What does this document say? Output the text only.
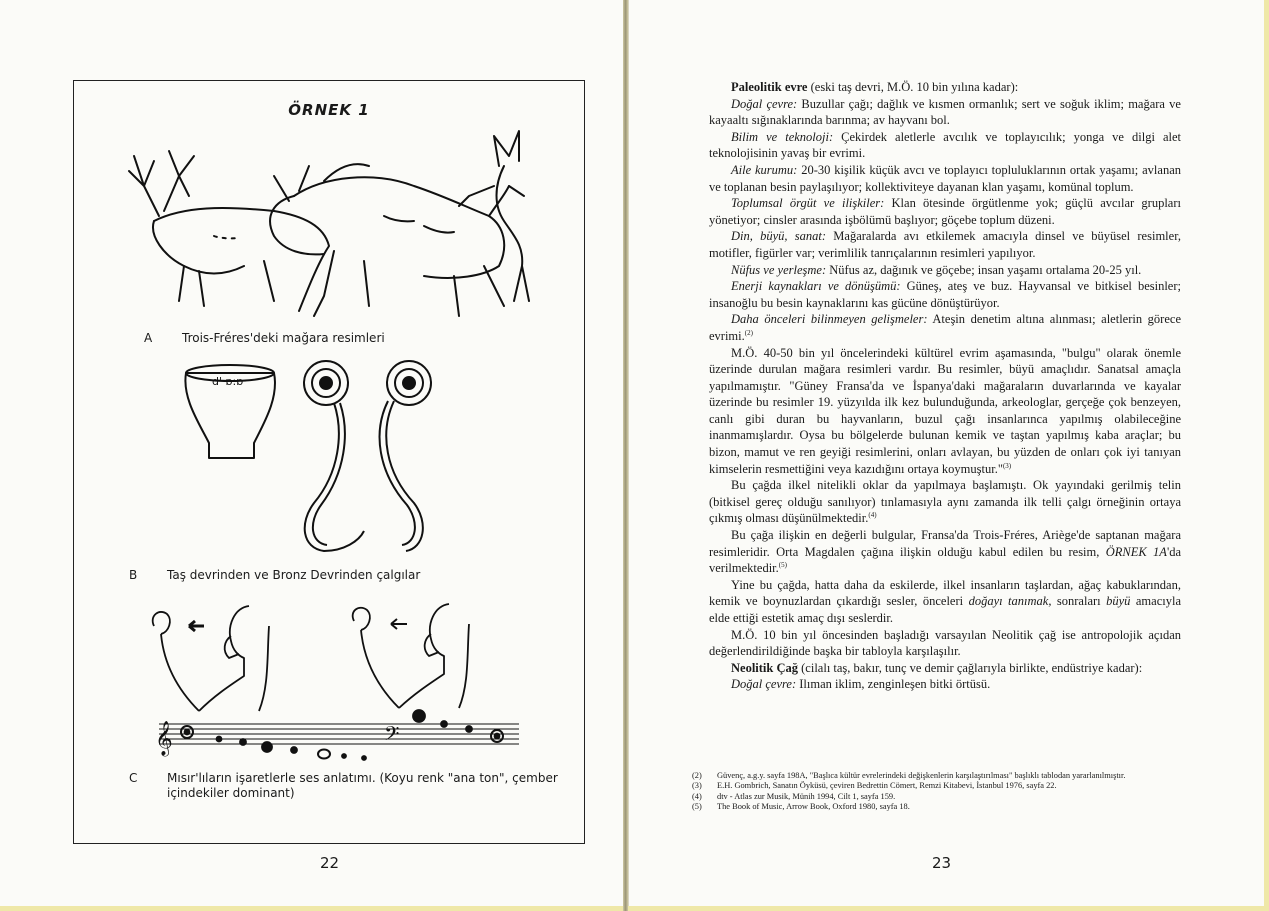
ÖRNEK 1
A Trois-Fréres'deki mağara resimleri
d' ɒ:ɒ
B Taş devrinden ve Bronz Devrinden çalgılar
𝄞	𝄢
C Mısır'lıların işaretlerle ses anlatımı. (Koyu renk "ana ton", çember içindekiler dominant)
22

Paleolitik evre (eski taş devri, M.Ö. 10 bin yılına kadar):

Doğal çevre: Buzullar çağı; dağlık ve kısmen ormanlık; sert ve soğuk iklim; mağara ve kayaaltı sığınaklarında barınma; av hayvanı bol.

Bilim ve teknoloji: Çekirdek aletlerle avcılık ve toplayıcılık; yonga ve dilgi alet teknolojisinin yavaş bir evrimi.

Aile kurumu: 20-30 kişilik küçük avcı ve toplayıcı topluluklarının ortak yaşamı; avlanan ve toplanan besin paylaşılıyor; kollektiviteye dayanan klan yaşamı, komünal toplum.

Toplumsal örgüt ve ilişkiler: Klan ötesinde örgütlenme yok; güçlü avcılar grupları yönetiyor; cinsler arasında işbölümü başlıyor; göçebe toplum düzeni.

Din, büyü, sanat: Mağaralarda avı etkilemek amacıyla dinsel ve büyüsel resimler, motifler, figürler var; verimlilik tanrıçalarının resimleri yapılıyor.

Nüfus ve yerleşme: Nüfus az, dağınık ve göçebe; insan yaşamı ortalama 20-25 yıl.

Enerji kaynakları ve dönüşümü: Güneş, ateş ve buz. Hayvansal ve bitkisel besinler; insanoğlu bu besin kaynaklarını kas gücüne dönüştürüyor.

Daha önceleri bilinmeyen gelişmeler: Ateşin denetim altına alınması; aletlerin görece evrimi.$^{(2)}$

M.Ö. 40-50 bin yıl öncelerindeki kültürel evrim aşamasında, "bulgu" olarak önemle üzerinde durulan mağara resimleri vardır. Bu resimler, büyü amaçlıdır. Sanatsal amaçla yapılmamıştır. "Güney Fransa'da ve İspanya'daki mağaraların duvarlarında ve kayalar üzerinde bu resimler 19. yüzyılda ilk kez bulunduğunda, arkeologlar, gerçeğe çok benzeyen, canlı gibi duran bu hayvanların, buzul çağı insanlarınca yapılmış olabileceğine inanmamışlardır. Oysa bu bölgelerde bulunan kemik ve taştan yapılmış kaba araçlar; bu bizon, mamut ve ren geyiği resimlerini, onları avlayan, bu yüzden de onları çok iyi tanıyan kimselerin resmettiğini veya kazıdığını ortaya koymuştur."$^{(3)}$

Bu çağda ilkel nitelikli oklar da yapılmaya başlamıştı. Ok yayındaki gerilmiş telin (bitkisel gereç olduğu sanılıyor) tınlamasıyla aynı zamanda ilk telli çalgı örneğinin ortaya çıkmış olması düşünülmektedir.$^{(4)}$

Bu çağa ilişkin en değerli bulgular, Fransa'da Trois-Fréres, Ariège'de saptanan mağara resimleridir. Orta Magdalen çağına ilişkin olduğu kabul edilen bu resim, ÖRNEK 1A'da verilmektedir.$^{(5)}$

Yine bu çağda, hatta daha da eskilerde, ilkel insanların taşlardan, ağaç kabuklarından, kemik ve boynuzlardan çıkardığı sesler, önceleri doğayı tanımak, sonraları büyü amacıyla elde ettiği estetik amaç dışı seslerdir.

M.Ö. 10 bin yıl öncesinden başladığı varsayılan Neolitik çağ ise antropolojik açıdan değerlendirildiğinde başka bir tabloyla karşılaşılır.

Neolitik Çağ (cilalı taş, bakır, tunç ve demir çağlarıyla birlikte, endüstriye kadar):

Doğal çevre: Ilıman iklim, zenginleşen bitki örtüsü.

(2) Güvenç, a.g.y. sayfa 198A, "Başlıca kültür evrelerindeki değişkenlerin karşılaştırılması" başlıklı tablodan yararlanılmıştır.
(3) E.H. Gombrich, Sanatın Öyküsü, çeviren Bedrettin Cömert, Remzi Kitabevi, İstanbul 1976, sayfa 22.
(4) dtv - Atlas zur Musik, Münih 1994, Cilt 1, sayfa 159.
(5) The Book of Music, Arrow Book, Oxford 1980, sayfa 18.
23
